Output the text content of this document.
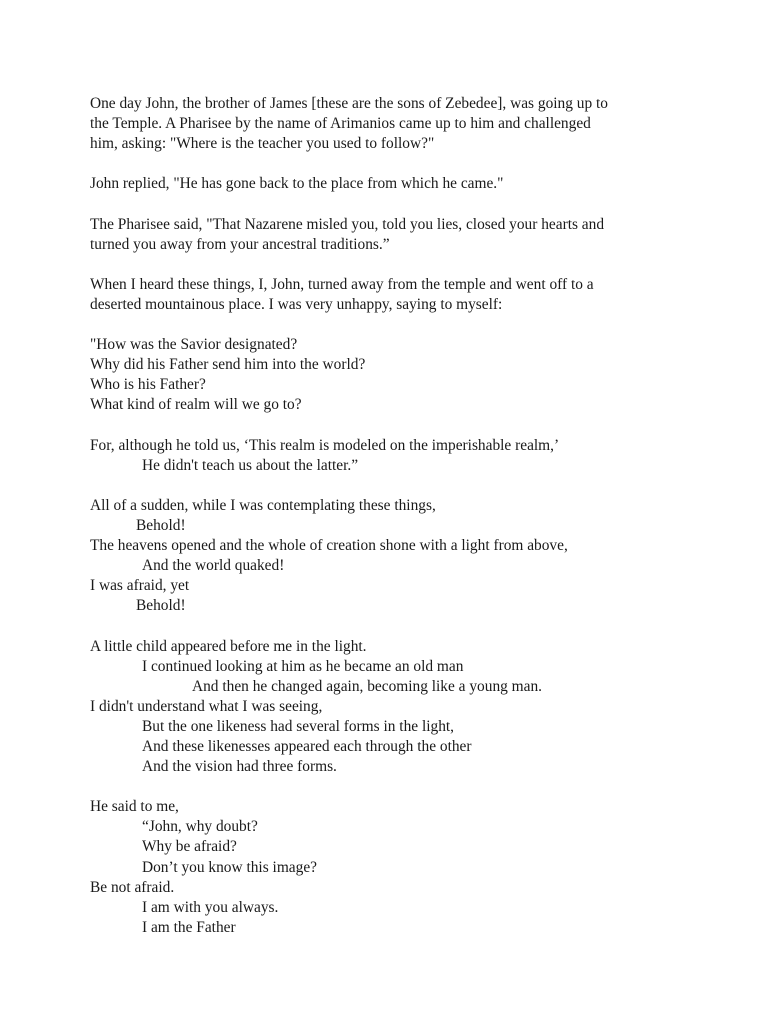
One day John, the brother of James [these are the sons of Zebedee], was going up to
the Temple. A Pharisee by the name of Arimanios came up to him and challenged
him, asking: "Where is the teacher you used to follow?"

John replied, "He has gone back to the place from which he came."

The Pharisee said, "That Nazarene misled you, told you lies, closed your hearts and
turned you away from your ancestral traditions.”

When I heard these things, I, John, turned away from the temple and went off to a
deserted mountainous place. I was very unhappy, saying to myself:

"How was the Savior designated?
Why did his Father send him into the world?
Who is his Father?
What kind of realm will we go to?

For, although he told us, ‘This realm is modeled on the imperishable realm,’
He didn't teach us about the latter.”

All of a sudden, while I was contemplating these things,
Behold!
The heavens opened and the whole of creation shone with a light from above,
And the world quaked!
I was afraid, yet
Behold!

A little child appeared before me in the light.
I continued looking at him as he became an old man
And then he changed again, becoming like a young man.
I didn't understand what I was seeing,
But the one likeness had several forms in the light,
And these likenesses appeared each through the other
And the vision had three forms.

He said to me,
“John, why doubt?
Why be afraid?
Don’t you know this image?
Be not afraid.
I am with you always.
I am the Father
